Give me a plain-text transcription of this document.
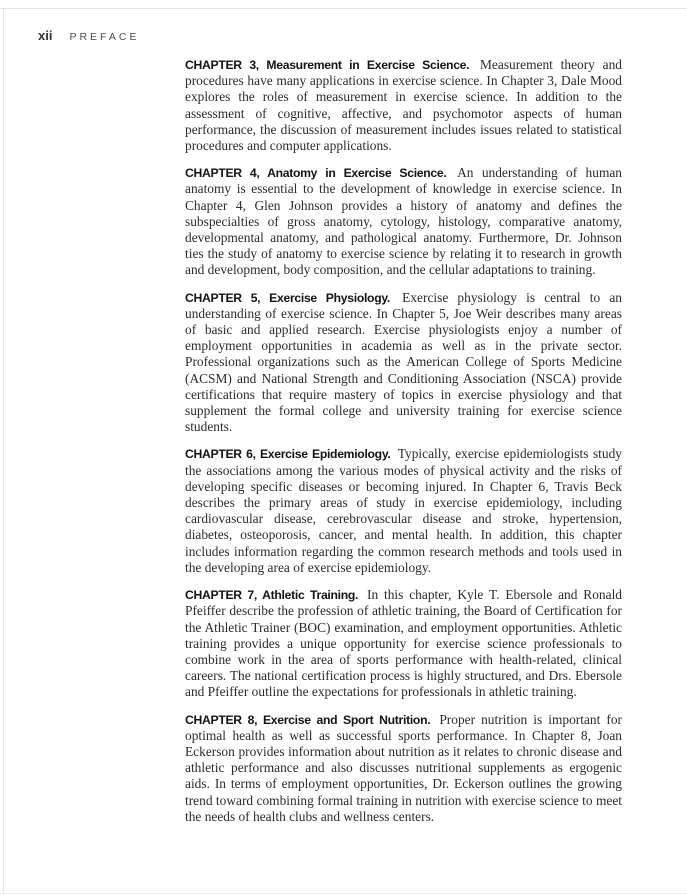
xii PREFACE

CHAPTER 3, Measurement in Exercise Science. Measurement theory and procedures have many applications in exercise science. In Chapter 3, Dale Mood explores the roles of measurement in exercise science. In addition to the assessment of cognitive, affective, and psychomotor aspects of human performance, the discussion of measurement includes issues related to statistical procedures and computer applications.

CHAPTER 4, Anatomy in Exercise Science. An understanding of human anatomy is essential to the development of knowledge in exercise science. In Chapter 4, Glen Johnson provides a history of anatomy and defines the subspecialties of gross anatomy, cytology, histology, comparative anatomy, developmental anatomy, and pathological anatomy. Furthermore, Dr. Johnson ties the study of anatomy to exercise science by relating it to research in growth and development, body composition, and the cellular adaptations to training.

CHAPTER 5, Exercise Physiology. Exercise physiology is central to an understanding of exercise science. In Chapter 5, Joe Weir describes many areas of basic and applied research. Exercise physiologists enjoy a number of employment opportunities in academia as well as in the private sector. Professional organizations such as the American College of Sports Medicine (ACSM) and National Strength and Conditioning Association (NSCA) provide certifications that require mastery of topics in exercise physiology and that supplement the formal college and university training for exercise science students.

CHAPTER 6, Exercise Epidemiology. Typically, exercise epidemiologists study the associations among the various modes of physical activity and the risks of developing specific diseases or becoming injured. In Chapter 6, Travis Beck describes the primary areas of study in exercise epidemiology, including cardiovascular disease, cerebrovascular disease and stroke, hypertension, diabetes, osteoporosis, cancer, and mental health. In addition, this chapter includes information regarding the common research methods and tools used in the developing area of exercise epidemiology.

CHAPTER 7, Athletic Training. In this chapter, Kyle T. Ebersole and Ronald Pfeiffer describe the profession of athletic training, the Board of Certification for the Athletic Trainer (BOC) examination, and employment opportunities. Athletic training provides a unique opportunity for exercise science professionals to combine work in the area of sports performance with health-related, clinical careers. The national certification process is highly structured, and Drs. Ebersole and Pfeiffer outline the expectations for professionals in athletic training.

CHAPTER 8, Exercise and Sport Nutrition. Proper nutrition is important for optimal health as well as successful sports performance. In Chapter 8, Joan Eckerson provides information about nutrition as it relates to chronic disease and athletic performance and also discusses nutritional supplements as ergogenic aids. In terms of employment opportunities, Dr. Eckerson outlines the growing trend toward combining formal training in nutrition with exercise science to meet the needs of health clubs and wellness centers.
